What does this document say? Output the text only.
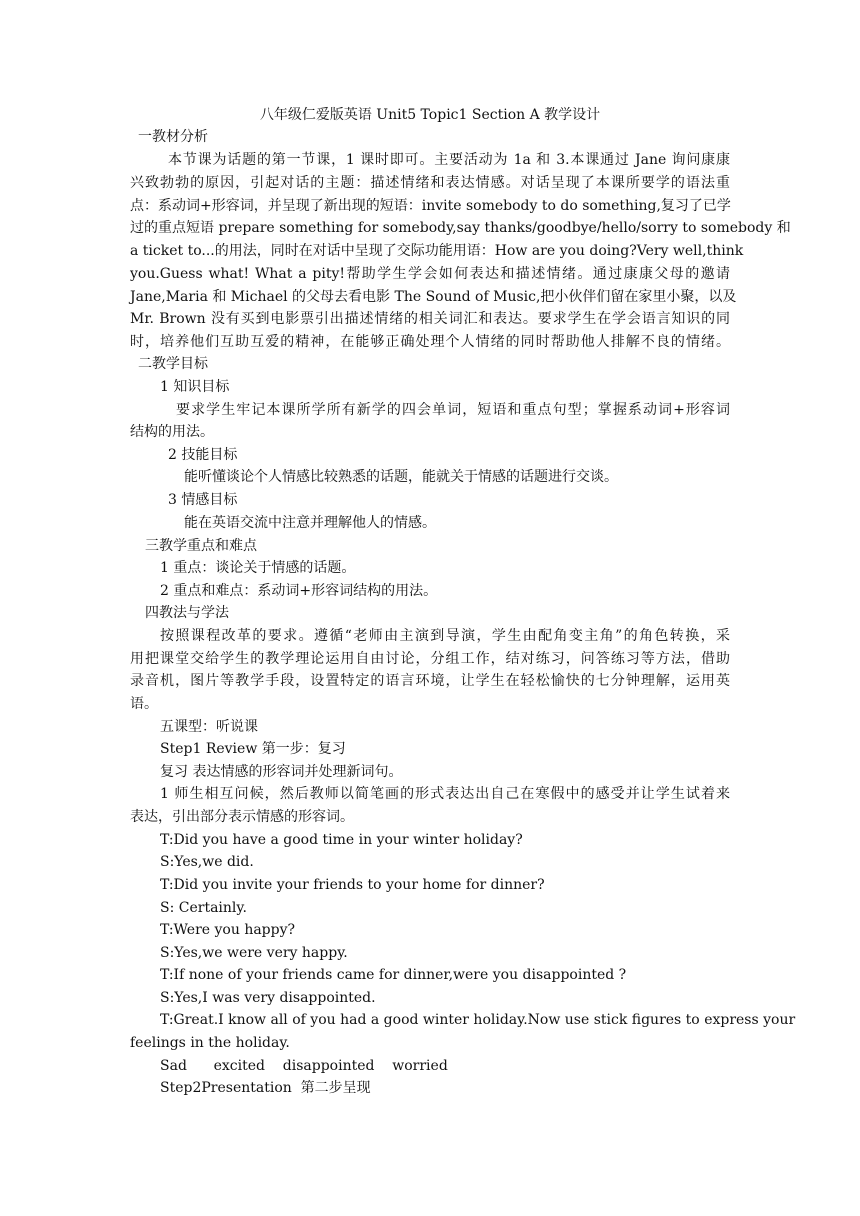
八年级仁爱版英语 Unit5 Topic1 Section A 教学设计
一教材分析
本节课为话题的第一节课，1 课时即可。主要活动为 1a 和 3.本课通过 Jane 询问康康
兴致勃勃的原因，引起对话的主题：描述情绪和表达情感。对话呈现了本课所要学的语法重
点：系动词+形容词，并呈现了新出现的短语：invite somebody to do something,复习了已学
过的重点短语 prepare something for somebody,say thanks/goodbye/hello/sorry to somebody 和
a ticket to...的用法，同时在对话中呈现了交际功能用语：How are you doing?Very well,think
you.Guess what! What a pity!帮助学生学会如何表达和描述情绪。通过康康父母的邀请
Jane,Maria 和 Michael 的父母去看电影 The Sound of Music,把小伙伴们留在家里小聚，以及
Mr. Brown 没有买到电影票引出描述情绪的相关词汇和表达。要求学生在学会语言知识的同
时，培养他们互助互爱的精神，在能够正确处理个人情绪的同时帮助他人排解不良的情绪。
二教学目标
1 知识目标
要求学生牢记本课所学所有新学的四会单词，短语和重点句型；掌握系动词+形容词
结构的用法。
2 技能目标
能听懂谈论个人情感比较熟悉的话题，能就关于情感的话题进行交谈。
3 情感目标
能在英语交流中注意并理解他人的情感。
三教学重点和难点
1 重点：谈论关于情感的话题。
2 重点和难点：系动词+形容词结构的用法。
四教法与学法
按照课程改革的要求。遵循“老师由主演到导演，学生由配角变主角”的角色转换，采
用把课堂交给学生的教学理论运用自由讨论，分组工作，结对练习，问答练习等方法，借助
录音机，图片等教学手段，设置特定的语言环境，让学生在轻松愉快的七分钟理解，运用英
语。
五课型：听说课
Step1 Review 第一步：复习
复习 表达情感的形容词并处理新词句。
1 师生相互问候，然后教师以简笔画的形式表达出自己在寒假中的感受并让学生试着来
表达，引出部分表示情感的形容词。
T:Did you have a good time in your winter holiday?
S:Yes,we did.
T:Did you invite your friends to your home for dinner?
S: Certainly.
T:Were you happy?
S:Yes,we were very happy.
T:If none of your friends came for dinner,were you disappointed ?
S:Yes,I was very disappointed.
T:Great.I know all of you had a good winter holiday.Now use stick figures to express your
feelings in the holiday.
Sad      excited    disappointed    worried
Step2Presentation  第二步呈现
